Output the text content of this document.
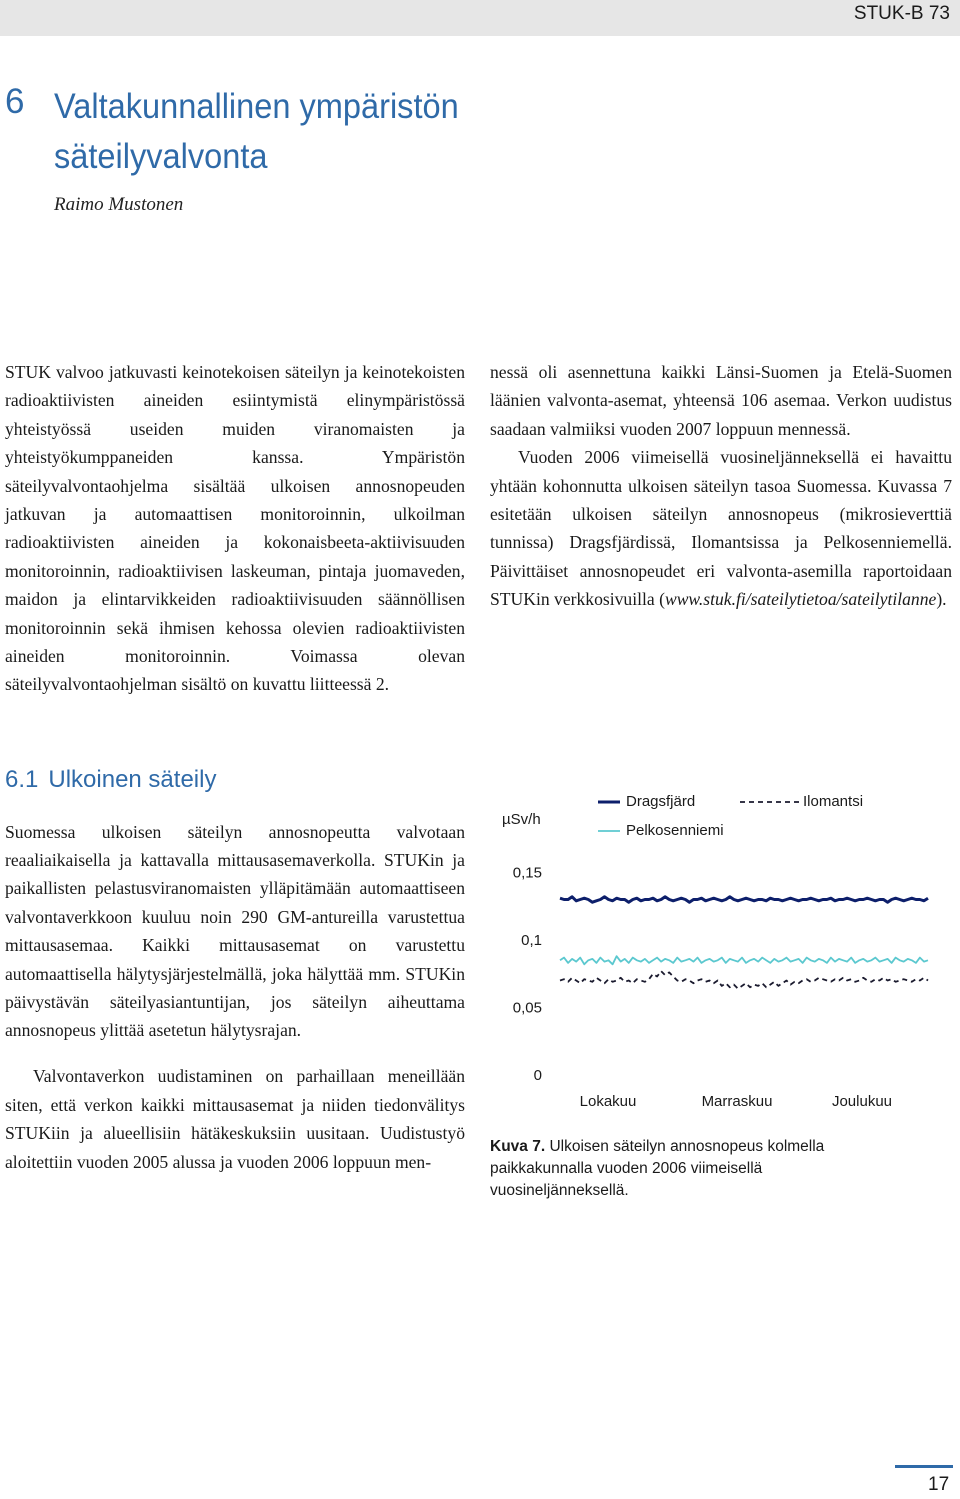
STUK-B 73
6 Valtakunnallinen ympäristön säteilyvalvonta
Raimo Mustonen

STUK valvoo jatkuvasti keinotekoisen säteilyn ja keinotekoisten radioaktiivisten aineiden esiintymistä elinympäristössä yhteistyössä useiden muiden viranomaisten ja yhteistyökumppaneiden kanssa. Ympäristön säteilyvalvontaohjelma sisältää ulkoisen annosnopeuden jatkuvan ja automaattisen monitoroinnin, ulkoilman radioaktiivisten aineiden ja kokonaisbeeta-aktiivisuuden monitoroinnin, radioaktiivisen laskeuman, pintaja juomaveden, maidon ja elintarvikkeiden radioaktiivisuuden säännöllisen monitoroinnin sekä ihmisen kehossa olevien radioaktiivisten aineiden monitoroinnin. Voimassa olevan säteilyvalvontaohjelman sisältö on kuvattu liitteessä 2.

6.1 Ulkoinen säteily

Suomessa ulkoisen säteilyn annosnopeutta valvotaan reaaliaikaisella ja kattavalla mittausasemaverkolla. STUKin ja paikallisten pelastusviranomaisten ylläpitämään automaattiseen valvontaverkkoon kuuluu noin 290 GM-antureilla varustettua mittausasemaa. Kaikki mittausasemat on varustettu automaattisella hälytysjärjestelmällä, joka hälyttää mm. STUKin päivystävän säteilyasiantuntijan, jos säteilyn aiheuttama annosnopeus ylittää asetetun hälytysrajan.

Valvontaverkon uudistaminen on parhaillaan meneillään siten, että verkon kaikki mittausasemat ja niiden tiedonvälitys STUKiin ja alueellisiin hätäkeskuksiin uusitaan. Uudistustyö aloitettiin vuoden 2005 alussa ja vuoden 2006 loppuun men-

nessä oli asennettuna kaikki Länsi-Suomen ja Etelä-Suomen läänien valvonta-asemat, yhteensä 106 asemaa. Verkon uudistus saadaan valmiiksi vuoden 2007 loppuun mennessä.

Vuoden 2006 viimeisellä vuosineljänneksellä ei havaittu yhtään kohonnutta ulkoisen säteilyn tasoa Suomessa. Kuvassa 7 esitetään ulkoisen säteilyn annosnopeus (mikrosieverttiä tunnissa) Dragsfjärdissä, Ilomantsissa ja Pelkosenniemellä. Päivittäiset annosnopeudet eri valvonta-asemilla raportoidaan STUKin verkkosivuilla (www.stuk.fi/sateilytietoa/sateilytilanne).

µSv/h
0,15
0,1
0,05
0
Lokakuu	Marraskuu	Joulukuu
Dragsfjärd	Ilomantsi
Pelkosenniemi
Kuva 7. Ulkoisen säteilyn annosnopeus kolmella paikkakunnalla vuoden 2006 viimeisellä vuosineljänneksellä.
17
